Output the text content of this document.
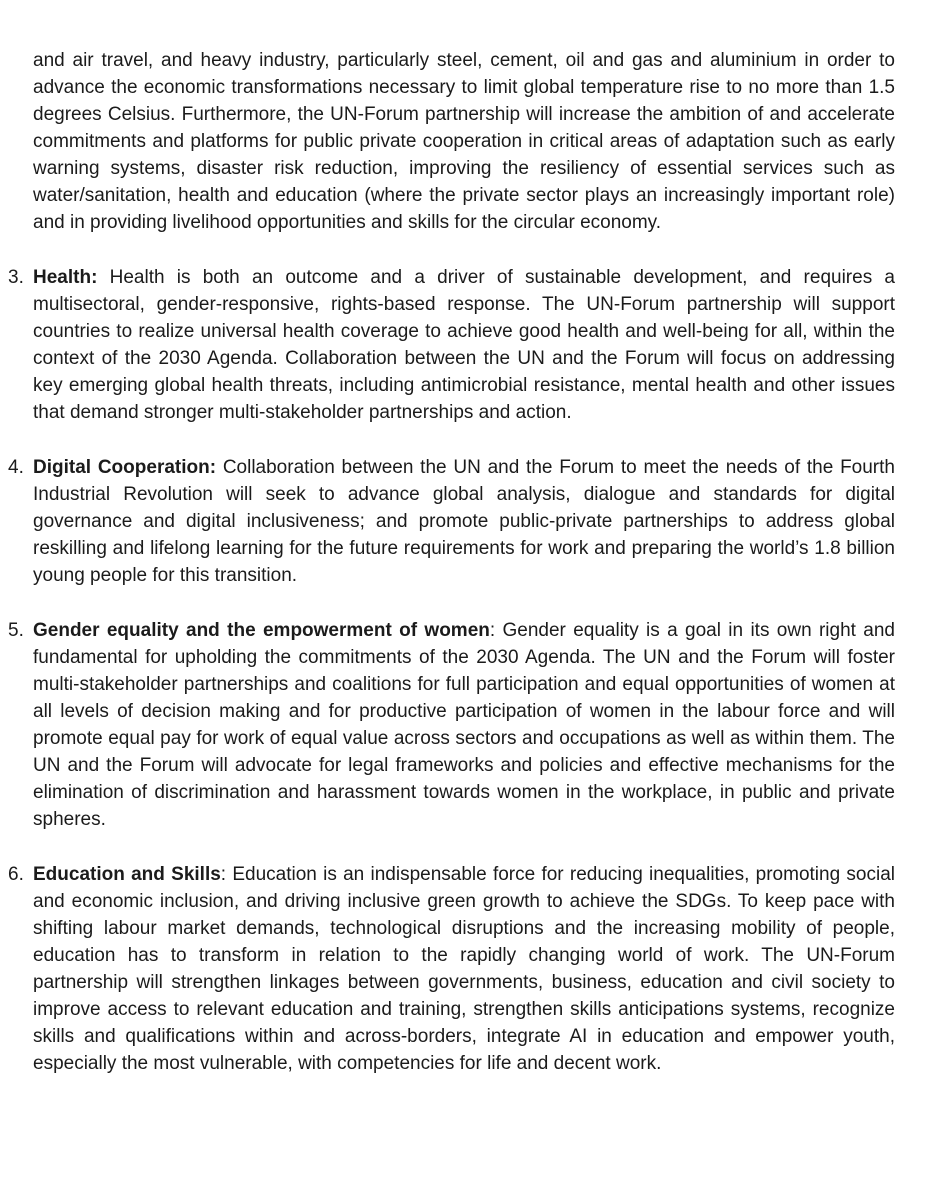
and air travel, and heavy industry, particularly steel, cement, oil and gas and aluminium in order to advance the economic transformations necessary to limit global temperature rise to no more than 1.5 degrees Celsius. Furthermore, the UN-Forum partnership will increase the ambition of and accelerate commitments and platforms for public private cooperation in critical areas of adaptation such as early warning systems, disaster risk reduction, improving the resiliency of essential services such as water/sanitation, health and education (where the private sector plays an increasingly important role) and in providing livelihood opportunities and skills for the circular economy.

3. Health: Health is both an outcome and a driver of sustainable development, and requires a multisectoral, gender-responsive, rights-based response. The UN-Forum partnership will support countries to realize universal health coverage to achieve good health and well-being for all, within the context of the 2030 Agenda. Collaboration between the UN and the Forum will focus on addressing key emerging global health threats, including antimicrobial resistance, mental health and other issues that demand stronger multi-stakeholder partnerships and action.
4. Digital Cooperation: Collaboration between the UN and the Forum to meet the needs of the Fourth Industrial Revolution will seek to advance global analysis, dialogue and standards for digital governance and digital inclusiveness; and promote public-private partnerships to address global reskilling and lifelong learning for the future requirements for work and preparing the world’s 1.8 billion young people for this transition.
5. Gender equality and the empowerment of women: Gender equality is a goal in its own right and fundamental for upholding the commitments of the 2030 Agenda. The UN and the Forum will foster multi-stakeholder partnerships and coalitions for full participation and equal opportunities of women at all levels of decision making and for productive participation of women in the labour force and will promote equal pay for work of equal value across sectors and occupations as well as within them. The UN and the Forum will advocate for legal frameworks and policies and effective mechanisms for the elimination of discrimination and harassment towards women in the workplace, in public and private spheres.
6. Education and Skills: Education is an indispensable force for reducing inequalities, promoting social and economic inclusion, and driving inclusive green growth to achieve the SDGs. To keep pace with shifting labour market demands, technological disruptions and the increasing mobility of people, education has to transform in relation to the rapidly changing world of work. The UN-Forum partnership will strengthen linkages between governments, business, education and civil society to improve access to relevant education and training, strengthen skills anticipations systems, recognize skills and qualifications within and across-borders, integrate AI in education and empower youth, especially the most vulnerable, with competencies for life and decent work.
